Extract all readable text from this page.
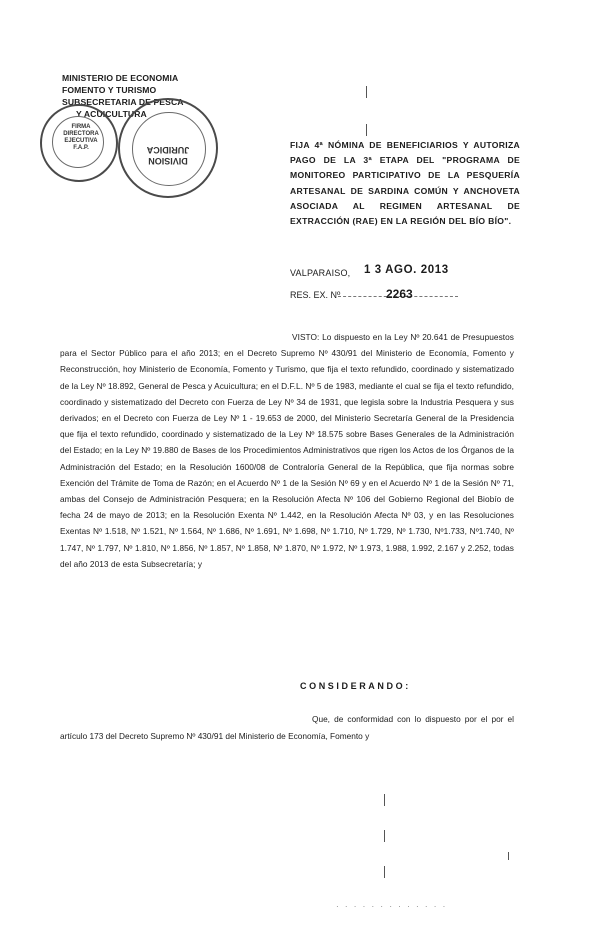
MINISTERIO DE ECONOMIA
FOMENTO Y TURISMO
SUBSECRETARIA DE PESCA
Y ACUICULTURA
FIRMA
DIRECTORA
EJECUTIVA
F.A.P.
DIVISION
JURIDICA	FIJA 4ª NÓMINA DE BENEFICIARIOS Y AUTORIZA PAGO DE LA 3ª ETAPA DEL "PROGRAMA DE MONITOREO PARTICIPATIVO DE LA PESQUERÍA ARTESANAL DE SARDINA COMÚN Y ANCHOVETA ASOCIADA AL REGIMEN ARTESANAL DE EXTRACCIÓN (RAE) EN LA REGIÓN DEL BÍO BÍO".
VALPARAISO, 1 3 AGO. 2013
RES. EX. Nº	2263
VISTO: Lo dispuesto en la Ley Nº 20.641 de Presupuestos para el Sector Público para el año 2013; en el Decreto Supremo Nº 430/91 del Ministerio de Economía, Fomento y Reconstrucción, hoy Ministerio de Economía, Fomento y Turismo, que fija el texto refundido, coordinado y sistematizado de la Ley Nº 18.892, General de Pesca y Acuicultura; en el D.F.L. Nº 5 de 1983, mediante el cual se fija el texto refundido, coordinado y sistematizado del Decreto con Fuerza de Ley Nº 34 de 1931, que legisla sobre la Industria Pesquera y sus derivados; en el Decreto con Fuerza de Ley Nº 1 - 19.653 de 2000, del Ministerio Secretaría General de la Presidencia que fija el texto refundido, coordinado y sistematizado de la Ley Nº 18.575 sobre Bases Generales de la Administración del Estado; en la Ley Nº 19.880 de Bases de los Procedimientos Administrativos que rigen los Actos de los Órganos de la Administración del Estado; en la Resolución 1600/08 de Contraloría General de la República, que fija normas sobre Exención del Trámite de Toma de Razón; en el Acuerdo Nº 1 de la Sesión Nº 69 y en el Acuerdo Nº 1 de la Sesión Nº 71, ambas del Consejo de Administración Pesquera; en la Resolución Afecta Nº 106 del Gobierno Regional del Biobío de fecha 24 de mayo de 2013; en la Resolución Exenta Nº 1.442, en la Resolución Afecta Nº 03, y en las Resoluciones Exentas Nº 1.518, Nº 1.521, Nº 1.564, Nº 1.686, Nº 1.691, Nº 1.698, Nº 1.710, Nº 1.729, Nº 1.730, Nº1.733, Nº1.740, Nº 1.747, Nº 1.797, Nº 1.810, Nº 1.856, Nº 1.857, Nº 1.858, Nº 1.870, Nº 1.972, Nº 1.973, 1.988, 1.992, 2.167 y 2.252, todas del año 2013 de esta Subsecretaría; y
CONSIDERANDO:
Que, de conformidad con lo dispuesto por el por el artículo 173 del Decreto Supremo Nº 430/91 del Ministerio de Economía, Fomento y
· · · · · · · · · · · · ·
